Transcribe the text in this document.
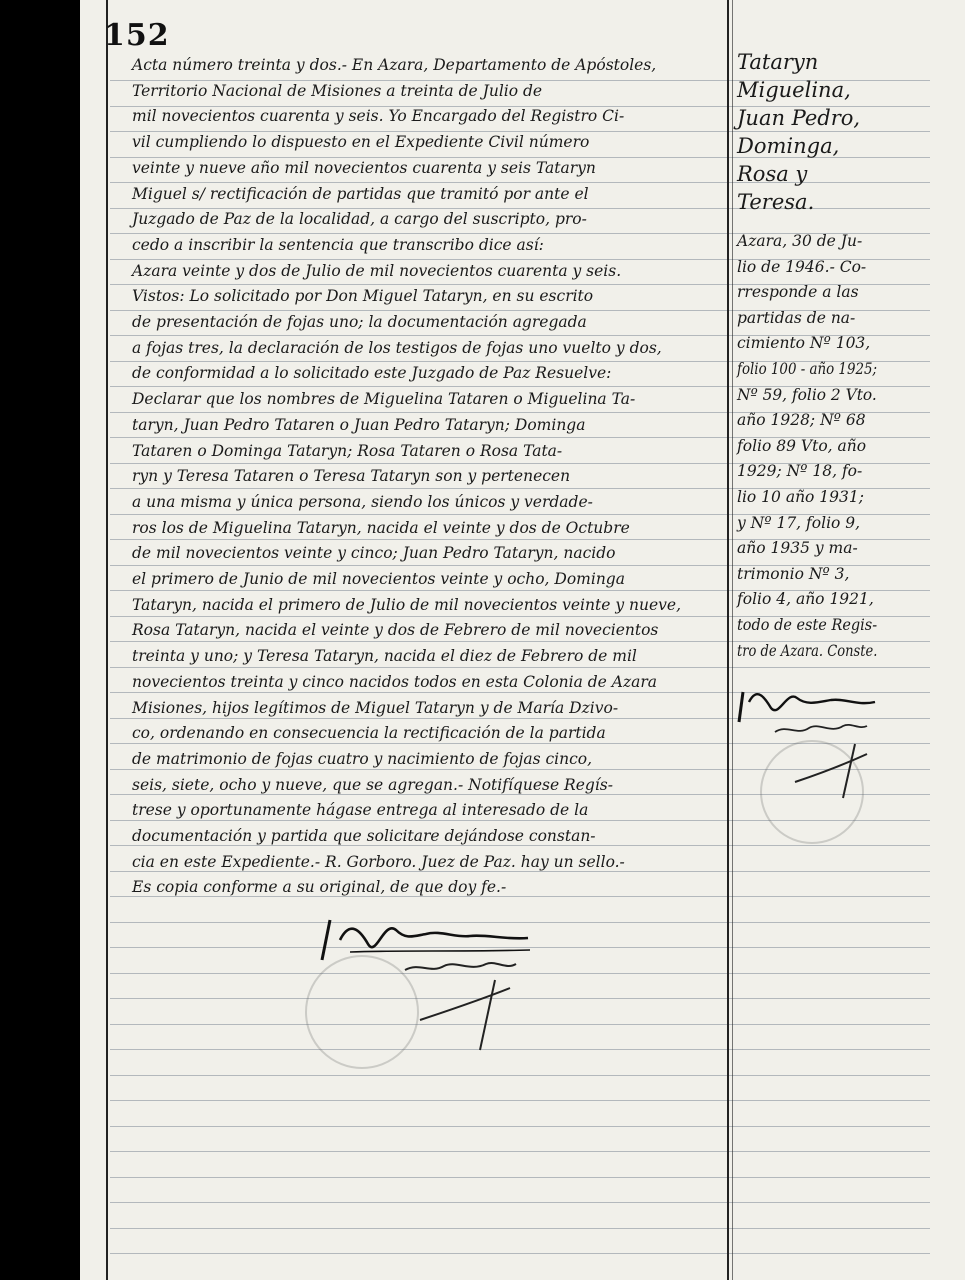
152

Acta número treinta y dos.- En Azara, Departamento de Apóstoles,

Territorio Nacional de Misiones a treinta de Julio de

mil novecientos cuarenta y seis. Yo Encargado del Registro Ci-

vil cumpliendo lo dispuesto en el Expediente Civil número

veinte y nueve año mil novecientos cuarenta y seis Tataryn

Miguel s/ rectificación de partidas que tramitó por ante el

Juzgado de Paz de la localidad, a cargo del suscripto, pro-

cedo a inscribir la sentencia que transcribo dice así:

Azara veinte y dos de Julio de mil novecientos cuarenta y seis.

Vistos: Lo solicitado por Don Miguel Tataryn, en su escrito

de presentación de fojas uno; la documentación agregada

a fojas tres, la declaración de los testigos de fojas uno vuelto y dos,

de conformidad a lo solicitado este Juzgado de Paz Resuelve:

Declarar que los nombres de Miguelina Tataren o Miguelina Ta-

taryn, Juan Pedro Tataren o Juan Pedro Tataryn; Dominga

Tataren o Dominga Tataryn; Rosa Tataren o Rosa Tata-

ryn y Teresa Tataren o Teresa Tataryn son y pertenecen

a una misma y única persona, siendo los únicos y verdade-

ros los de Miguelina Tataryn, nacida el veinte y dos de Octubre

de mil novecientos veinte y cinco; Juan Pedro Tataryn, nacido

el primero de Junio de mil novecientos veinte y ocho, Dominga

Tataryn, nacida el primero de Julio de mil novecientos veinte y nueve,

Rosa Tataryn, nacida el veinte y dos de Febrero de mil novecientos

treinta y uno; y Teresa Tataryn, nacida el diez de Febrero de mil

novecientos treinta y cinco nacidos todos en esta Colonia de Azara

Misiones, hijos legítimos de Miguel Tataryn y de María Dzivo-

co, ordenando en consecuencia la rectificación de la partida

de matrimonio de fojas cuatro y nacimiento de fojas cinco,

seis, siete, ocho y nueve, que se agregan.- Notifíquese Regís-

trese y oportunamente hágase entrega al interesado de la

documentación y partida que solicitare dejándose constan-

cia en este Expediente.- R. Gorboro. Juez de Paz. hay un sello.-

Es copia conforme a su original, de que doy fe.-

Tataryn

Miguelina,

Juan Pedro,

Dominga,

Rosa y

Teresa.

Azara, 30 de Ju-

lio de 1946.- Co-

rresponde a las

partidas de na-

cimiento Nº 103,

folio 100 - año 1925;

Nº 59, folio 2 Vto.

año 1928; Nº 68

folio 89 Vto, año

1929; Nº 18, fo-

lio 10 año 1931;

y Nº 17, folio 9,

año 1935 y ma-

trimonio Nº 3,

folio 4, año 1921,

todo de este Regis-

tro de Azara. Conste.
